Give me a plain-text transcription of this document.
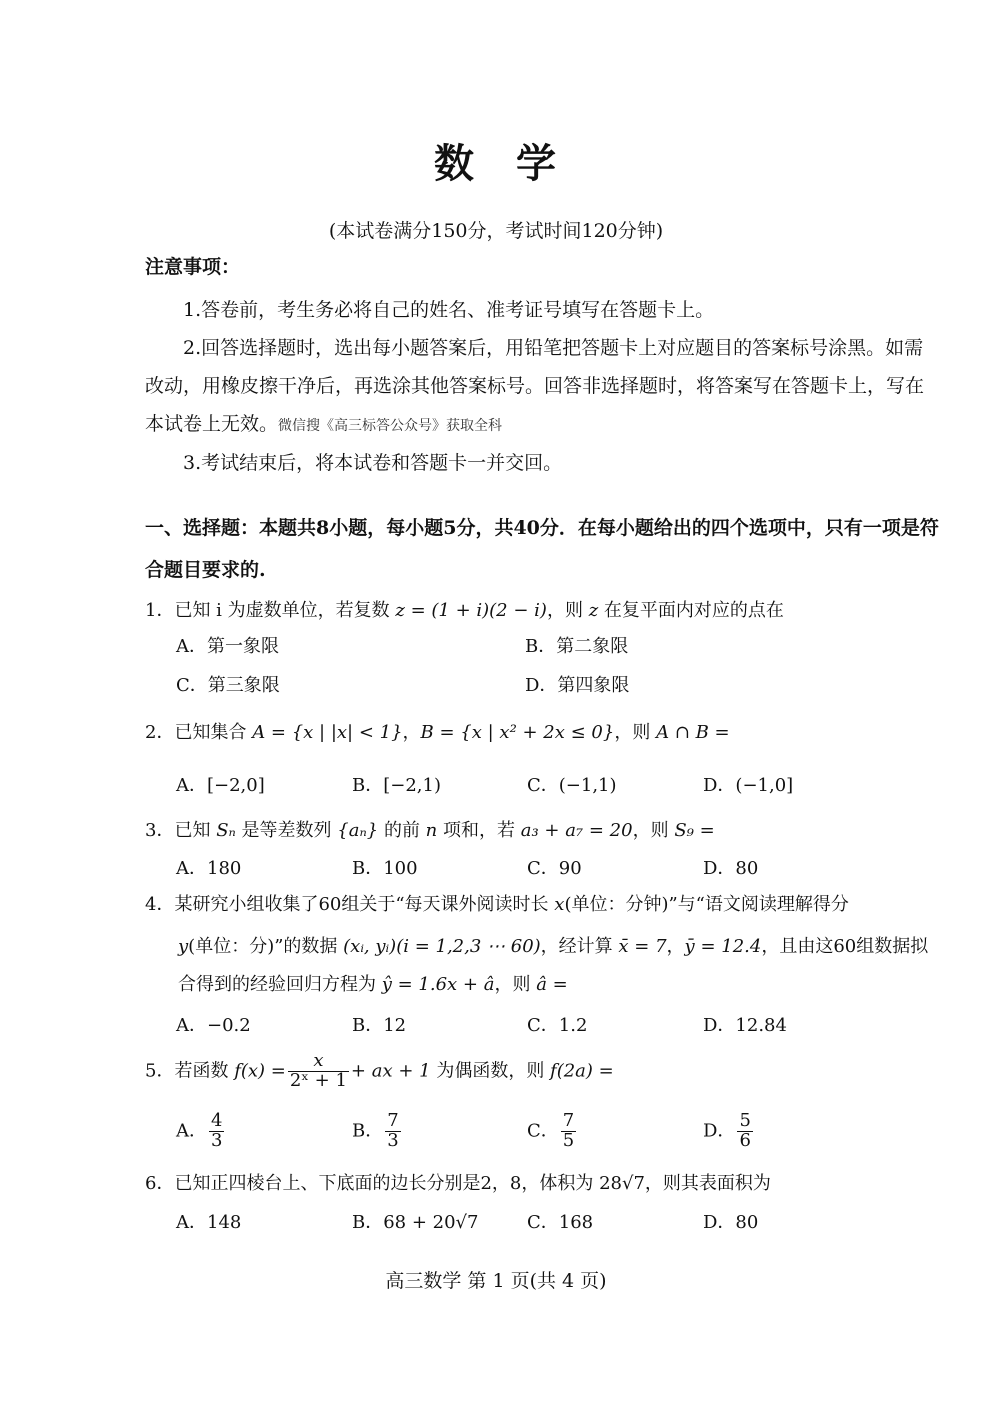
数 学
(本试卷满分150分，考试时间120分钟)
注意事项：
1.答卷前，考生务必将自己的姓名、准考证号填写在答题卡上。
2.回答选择题时，选出每小题答案后，用铅笔把答题卡上对应题目的答案标号涂黑。如需
改动，用橡皮擦干净后，再选涂其他答案标号。回答非选择题时，将答案写在答题卡上，写在
本试卷上无效。微信搜《高三标答公众号》获取全科
3.考试结束后，将本试卷和答题卡一并交回。
一、选择题：本题共8小题，每小题5分，共40分．在每小题给出的四个选项中，只有一项是符
合题目要求的.
1．已知 i 为虚数单位，若复数 z = (1 + i)(2 − i)，则 z 在复平面内对应的点在
A．第一象限	B．第二象限
C．第三象限	D．第四象限
2．已知集合 A = {x | |x| < 1}，B = {x | x² + 2x ≤ 0}，则 A ∩ B =
A．[−2,0]	B．[−2,1)	C．(−1,1)	D．(−1,0]
3．已知 Sₙ 是等差数列 {aₙ} 的前 n 项和，若 a₃ + a₇ = 20，则 S₉ =
A．180	B．100	C．90	D．80
4．某研究小组收集了60组关于“每天课外阅读时长 x(单位：分钟)”与“语文阅读理解得分
y(单位：分)”的数据 (xᵢ, yᵢ)(i = 1,2,3 ⋯ 60)，经计算 x̄ = 7，ȳ = 12.4，且由这60组数据拟
合得到的经验回归方程为 ŷ = 1.6x + â，则 â =
A．−0.2	B．12	C．1.2	D．12.84
5．若函数 $f(x) = \frac{x}{\text{2ˣ + 1}}$ + ax + 1 为偶函数，则 f(2a) =
A． $\frac{4}{3}$	B． $\frac{7}{3}$	C． $\frac{7}{5}$	D． $\frac{5}{6}$
6．已知正四棱台上、下底面的边长分别是2，8，体积为 28√7，则其表面积为
A．148	B．68 + 20√7	C．168	D．80
高三数学 第 1 页(共 4 页)
